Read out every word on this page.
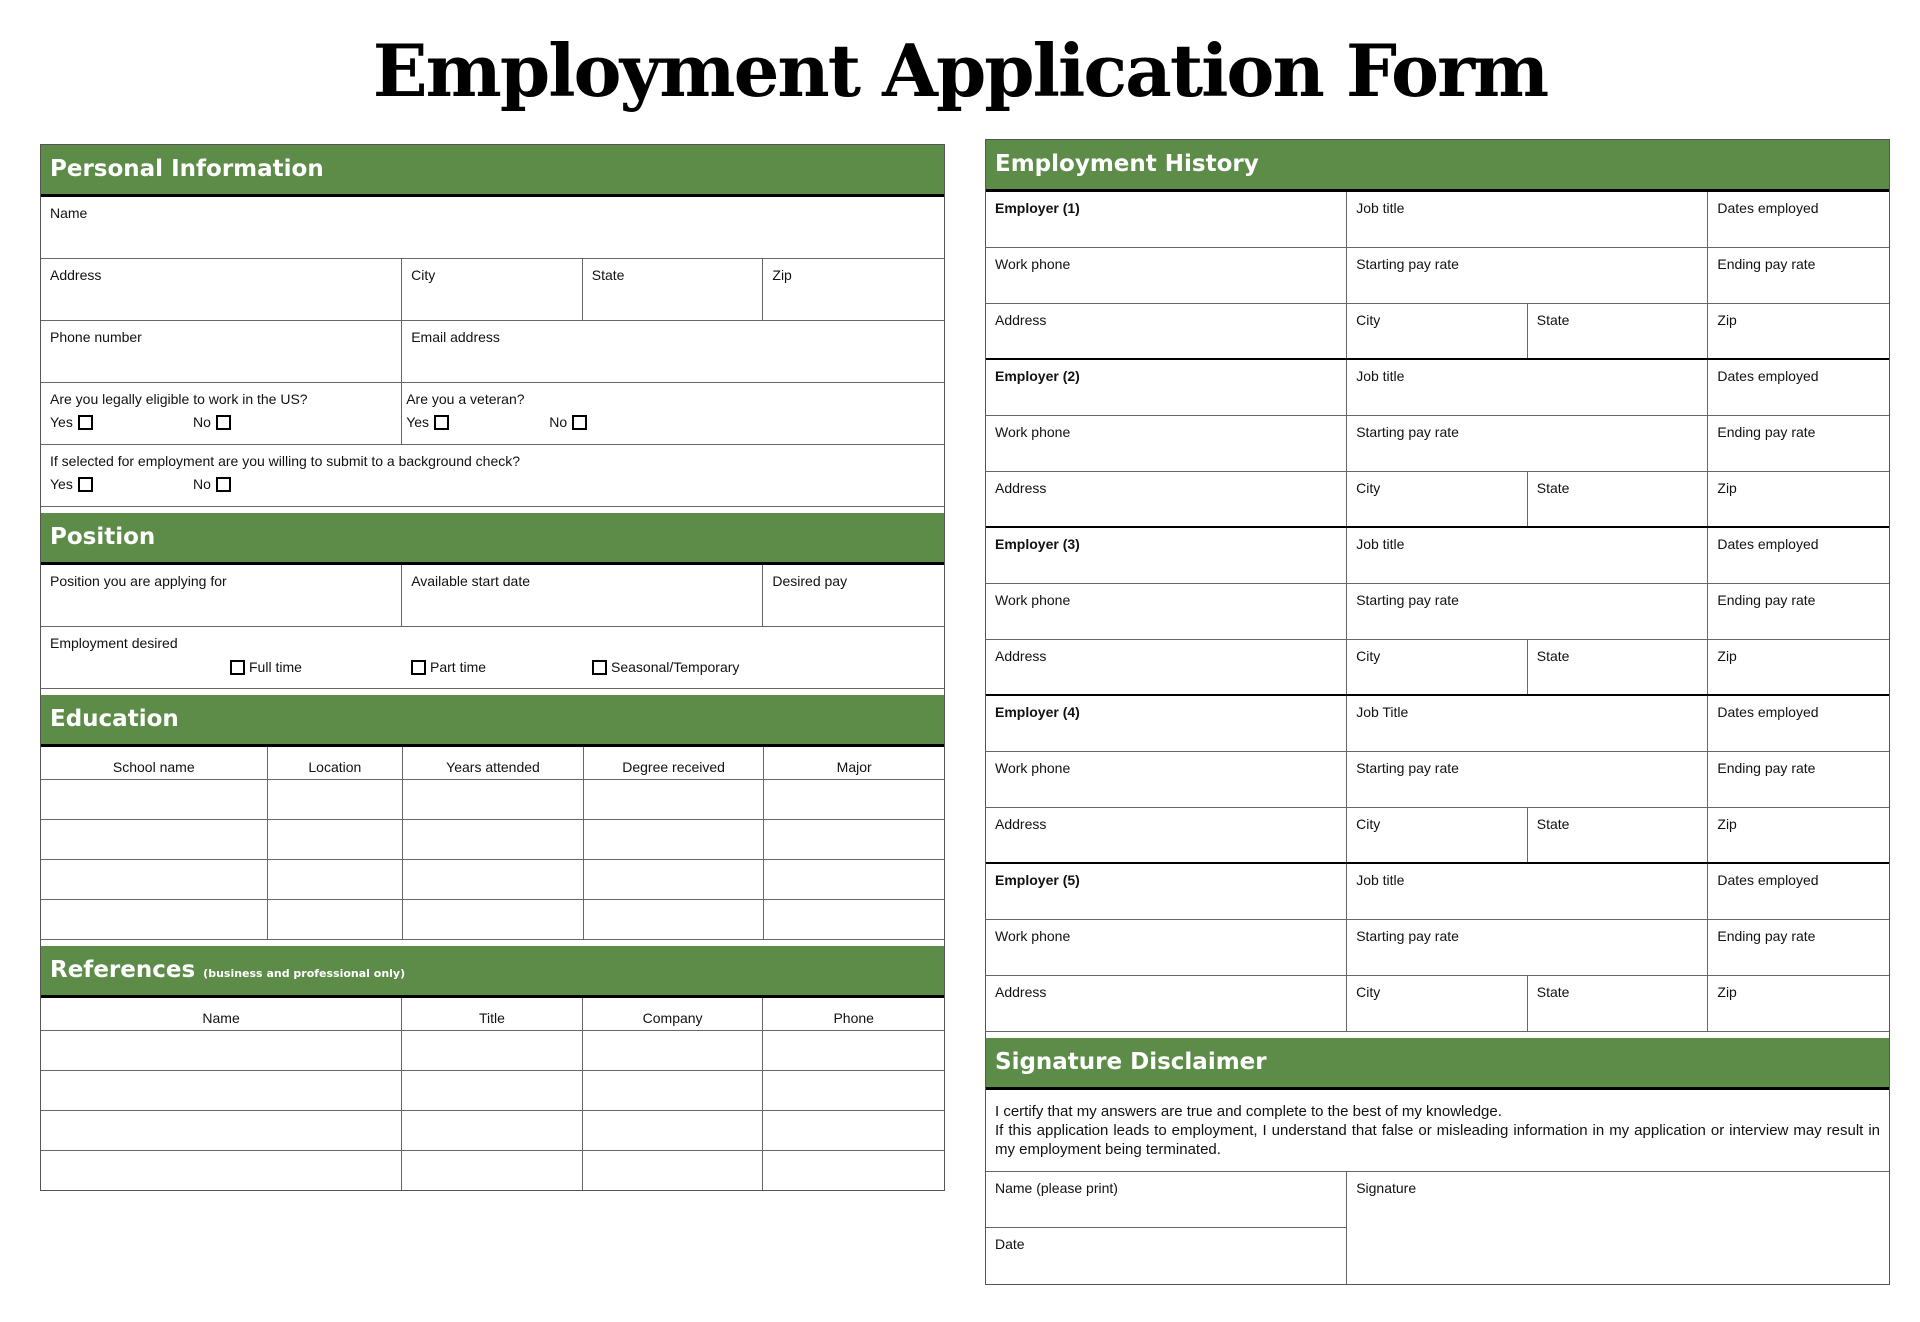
Employment Application Form
Personal Information
Name
Address	City	State	Zip
Phone number	Email address
Are you legally eligible to work in the US?
Yes	No
Are you a veteran?
Yes	No
If selected for employment are you willing to submit to a background check?
Yes	No
Position
Position you are applying for	Available start date	Desired pay
Employment desired
Full time	Part time	Seasonal/Temporary
Education
School name	Location	Years attended	Degree received	Major
References (business and professional only)
Name	Title	Company	Phone
Employment History
Employer (1)	Job title	Dates employed
Work phone	Starting pay rate	Ending pay rate
Address	City	State	Zip
Employer (2)	Job title	Dates employed
Work phone	Starting pay rate	Ending pay rate
Address	City	State	Zip
Employer (3)	Job title	Dates employed
Work phone	Starting pay rate	Ending pay rate
Address	City	State	Zip
Employer (4)	Job Title	Dates employed
Work phone	Starting pay rate	Ending pay rate
Address	City	State	Zip
Employer (5)	Job title	Dates employed
Work phone	Starting pay rate	Ending pay rate
Address	City	State	Zip
Signature Disclaimer
I certify that my answers are true and complete to the best of my knowledge.
If this application leads to employment, I understand that false or misleading information in my application or interview may result in my employment being terminated.
Name (please print)
Date
Signature
